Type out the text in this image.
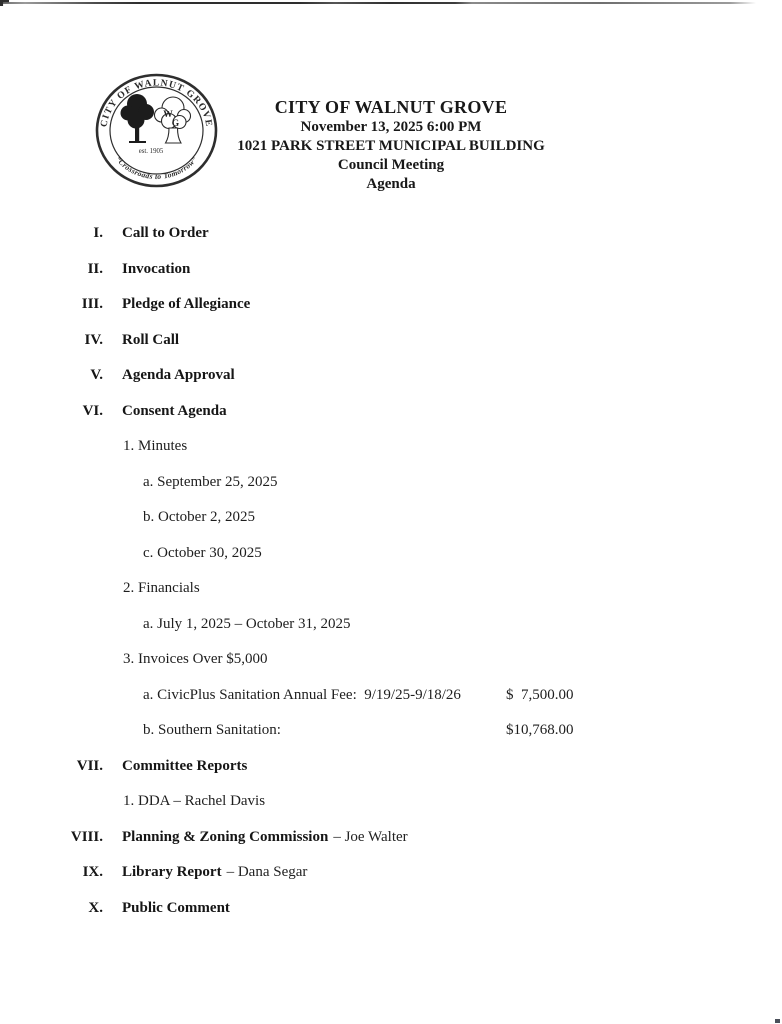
CITY OF WALNUT GROVE
“Crossroads to Tomorrow”
W
G
est. 1905
CITY OF WALNUT GROVE
November 13, 2025 6:00 PM
1021 PARK STREET MUNICIPAL BUILDING
Council Meeting
Agenda
I. Call to Order
II. Invocation
III. Pledge of Allegiance
IV. Roll Call
V. Agenda Approval
VI. Consent Agenda
1. Minutes
a. September 25, 2025
b. October 2, 2025
c. October 30, 2025
2. Financials
a. July 1, 2025 – October 31, 2025
3. Invoices Over $5,000
a. CivicPlus Sanitation Annual Fee:  9/19/25-9/18/26	$  7,500.00
b. Southern Sanitation:	$10,768.00
VII. Committee Reports
1. DDA – Rachel Davis
VIII. Planning & Zoning Commission – Joe Walter
IX. Library Report – Dana Segar
X. Public Comment
